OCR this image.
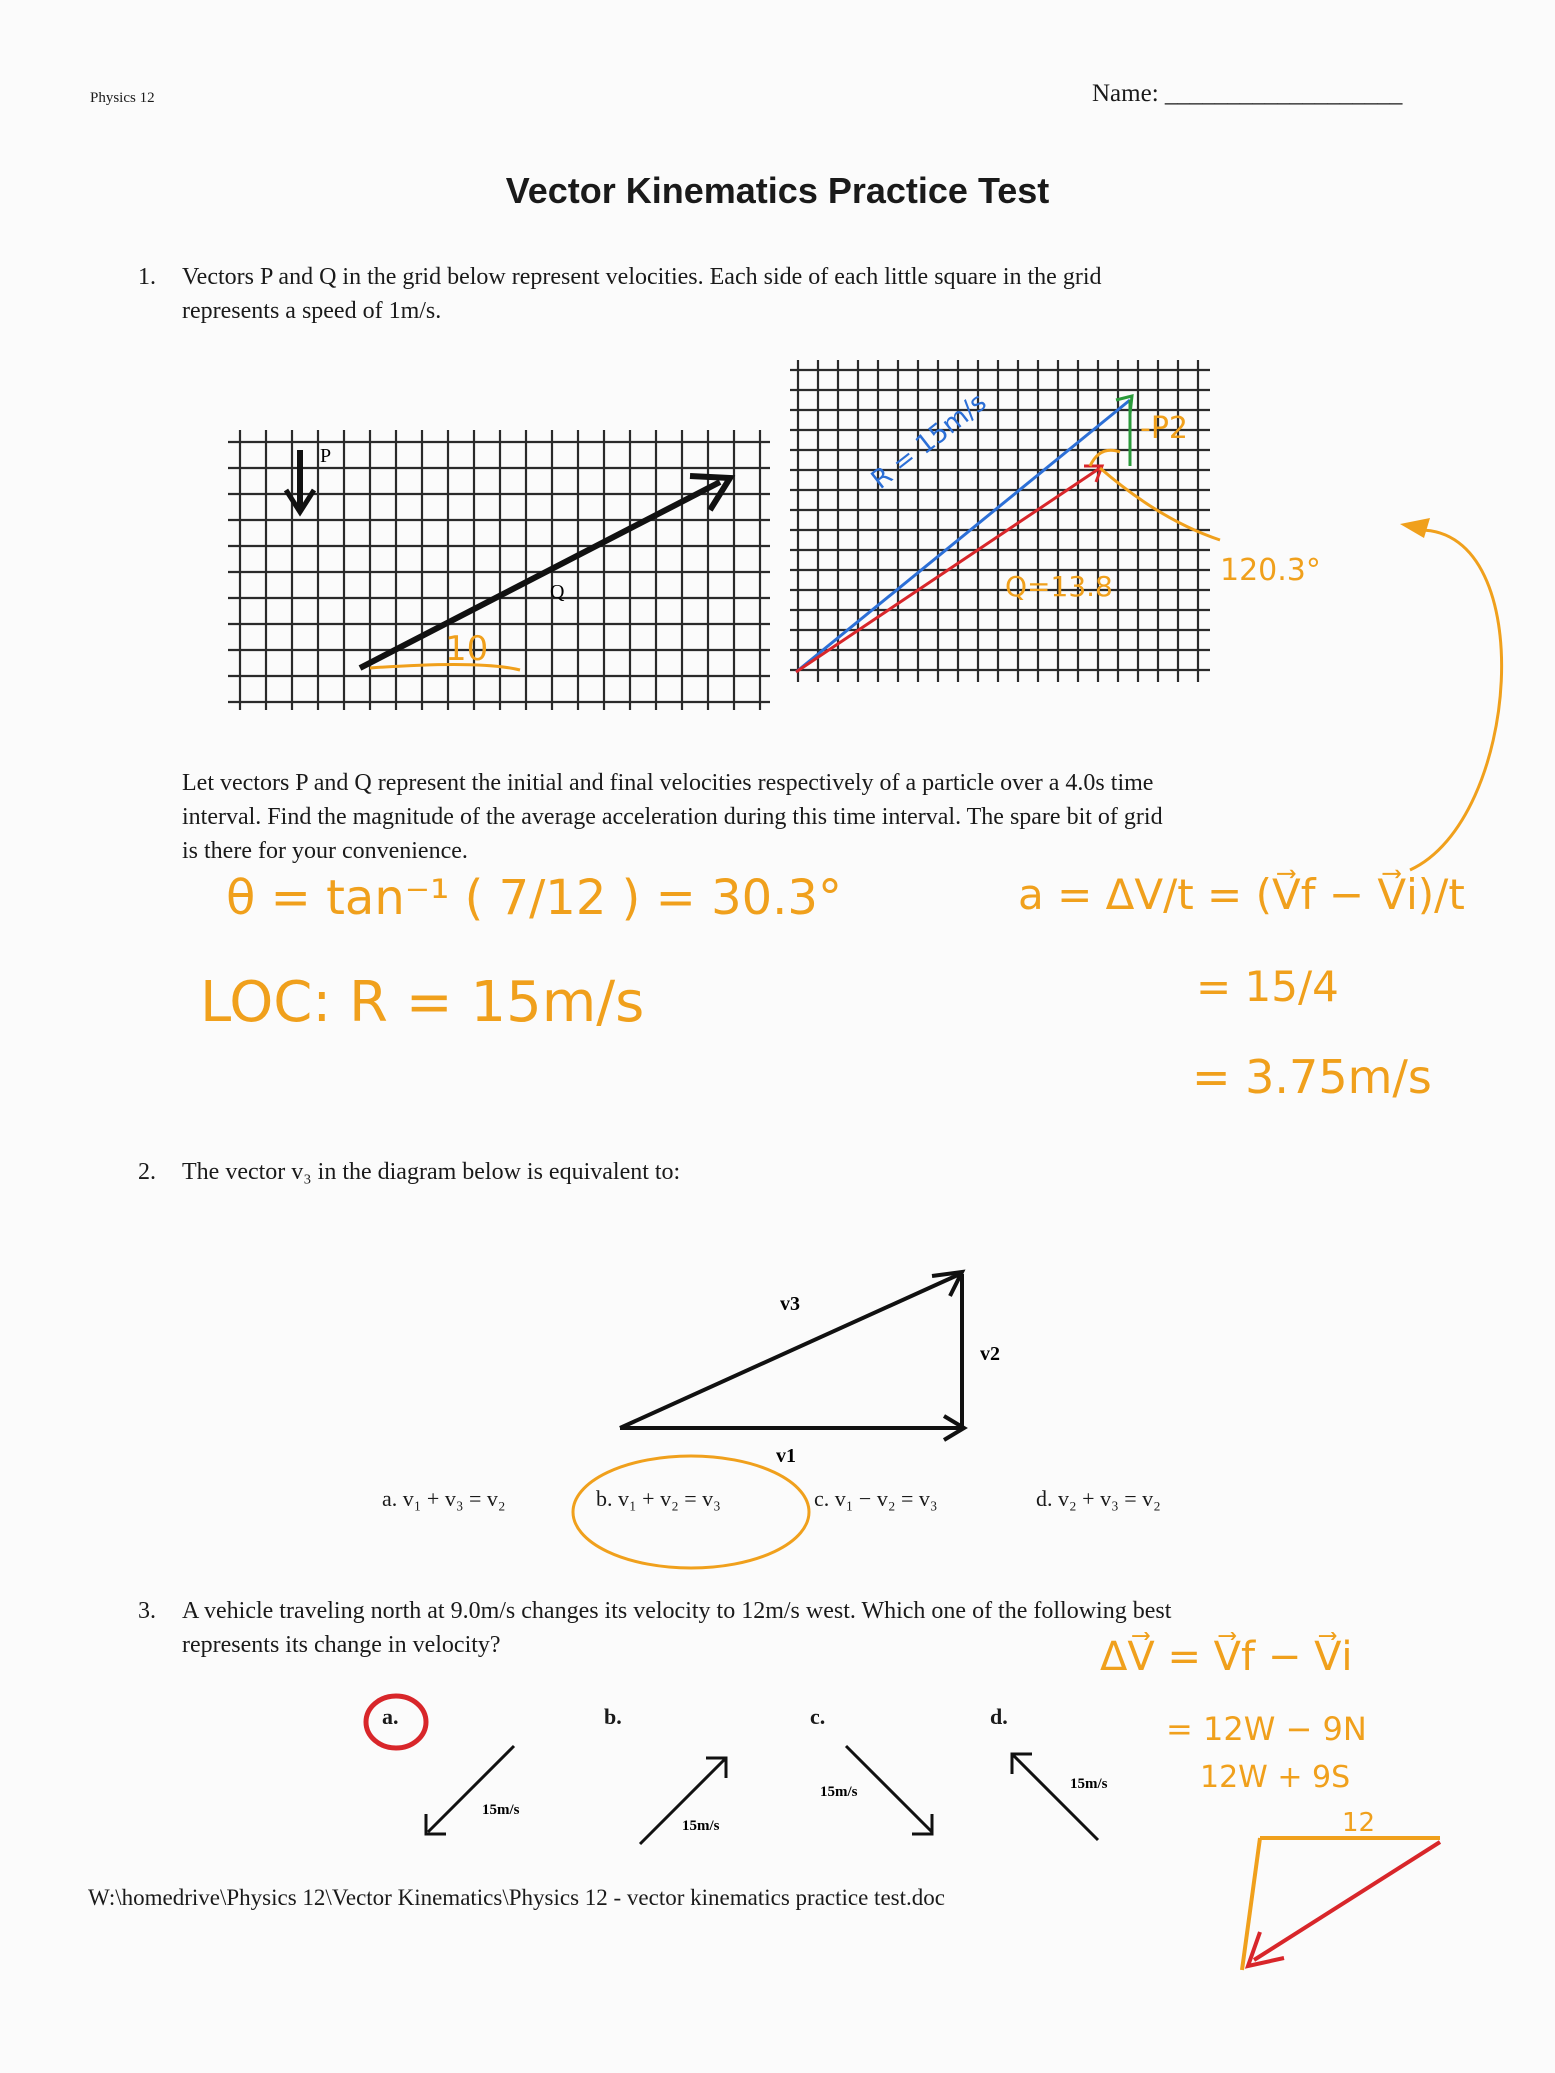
Physics 12	Name: ___________________
Vector Kinematics Practice Test
1. Vectors P and Q in the grid below represent velocities. Each side of each little square in the grid
represents a speed of 1m/s.
P
Q
10
R = 15m/s	-P2
Q=13.8	120.3°
Let vectors P and Q represent the initial and final velocities respectively of a particle over a 4.0s time
interval. Find the magnitude of the average acceleration during this time interval. The spare bit of grid
is there for your convenience.
θ = tan⁻¹ ( 7/12 ) = 30.3°
LOC: R = 15m/s
a = ΔV/t = (V⃗f − V⃗i)/t
= 15/4
= 3.75m/s
2. The vector v₃ in the diagram below is equivalent to:
v3
v2
v1
a. v₁ + v₃ = v₂	b. v₁ + v₂ = v₃	c. v₁ − v₂ = v₃	d. v₂ + v₃ = v₂
3. A vehicle traveling north at 9.0m/s changes its velocity to 12m/s west. Which one of the following best
represents its change in velocity?
a.	b.	c.	d.
15m/s
15m/s
15m/s	15m/s
ΔV⃗ = V⃗f − V⃗i
= 12W − 9N
12W + 9S
12
W:\homedrive\Physics 12\Vector Kinematics\Physics 12 - vector kinematics practice test.doc
